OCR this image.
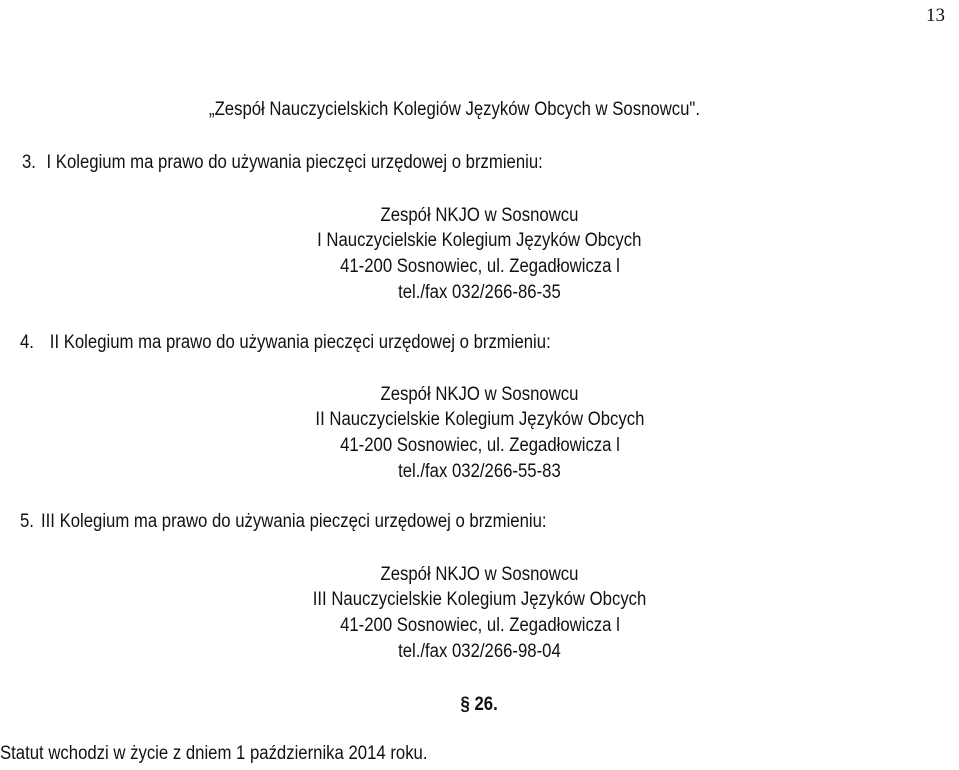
13
„Zespół Nauczycielskich Kolegiów Języków Obcych w Sosnowcu".
3. I Kolegium ma prawo do używania pieczęci urzędowej o brzmieniu:
Zespół NKJO w Sosnowcu
I Nauczycielskie Kolegium Języków Obcych
41-200 Sosnowiec, ul. Zegadłowicza l
tel./fax 032/266-86-35
4. II Kolegium ma prawo do używania pieczęci urzędowej o brzmieniu:
Zespół NKJO w Sosnowcu
II Nauczycielskie Kolegium Języków Obcych
41-200 Sosnowiec, ul. Zegadłowicza l
tel./fax 032/266-55-83
5. III Kolegium ma prawo do używania pieczęci urzędowej o brzmieniu:
Zespół NKJO w Sosnowcu
III Nauczycielskie Kolegium Języków Obcych
41-200 Sosnowiec, ul. Zegadłowicza l
tel./fax 032/266-98-04
§ 26.
Statut wchodzi w życie z dniem 1 października 2014 roku.
